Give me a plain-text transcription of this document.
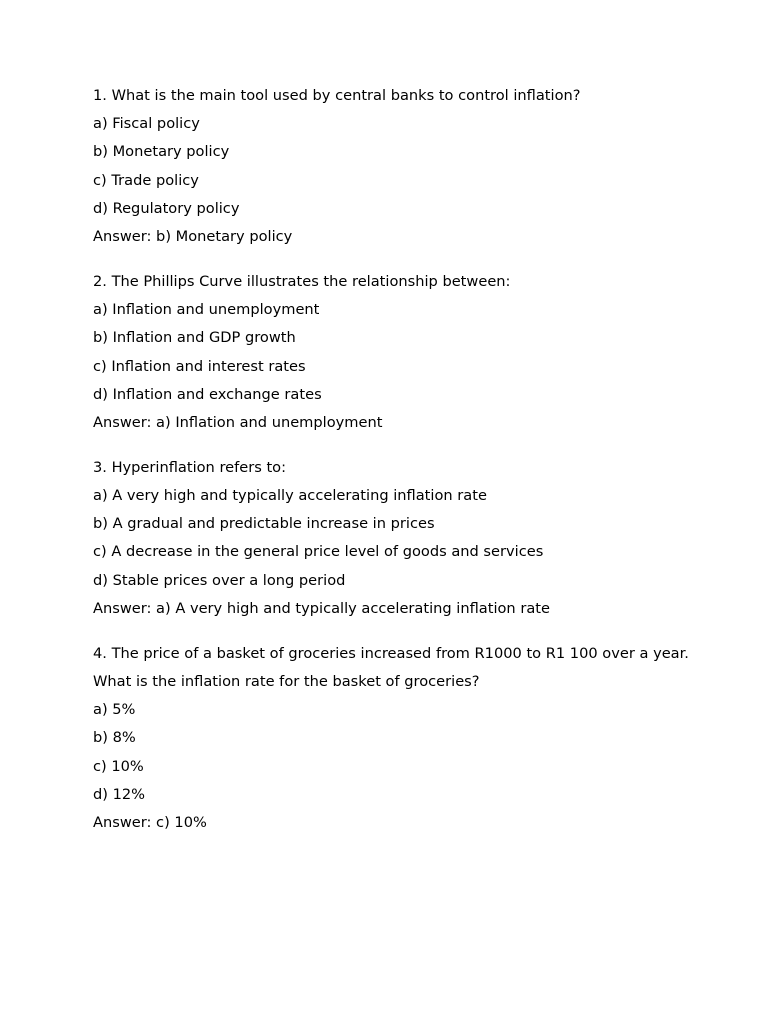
1. What is the main tool used by central banks to control inflation?
a) Fiscal policy
b) Monetary policy
c) Trade policy
d) Regulatory policy
Answer: b) Monetary policy
2. The Phillips Curve illustrates the relationship between:
a) Inflation and unemployment
b) Inflation and GDP growth
c) Inflation and interest rates
d) Inflation and exchange rates
Answer: a) Inflation and unemployment
3. Hyperinflation refers to:
a) A very high and typically accelerating inflation rate
b) A gradual and predictable increase in prices
c) A decrease in the general price level of goods and services
d) Stable prices over a long period
Answer: a) A very high and typically accelerating inflation rate
4. The price of a basket of groceries increased from R1000 to R1 100 over a year.
What is the inflation rate for the basket of groceries?
a) 5%
b) 8%
c) 10%
d) 12%
Answer: c) 10%
